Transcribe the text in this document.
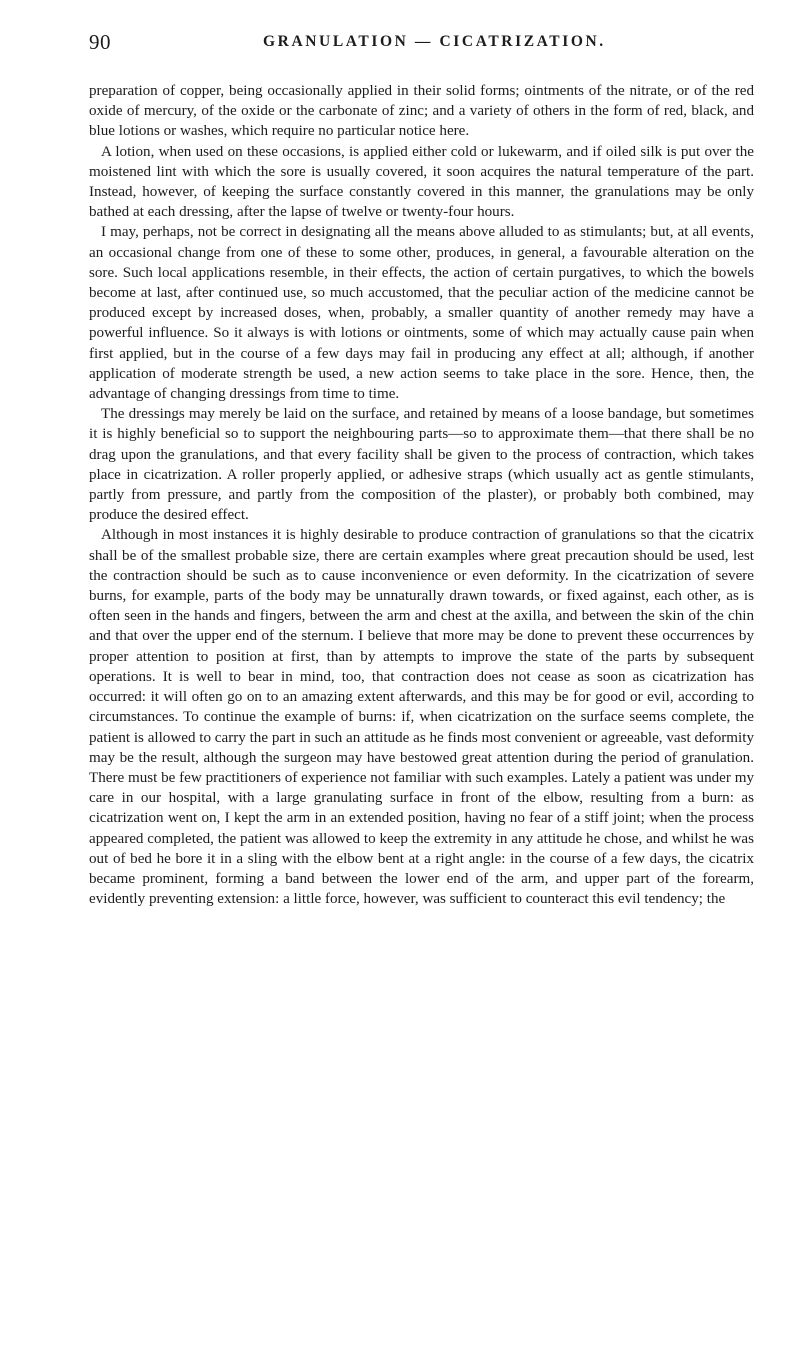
90	GRANULATION — CICATRIZATION.

preparation of copper, being occasionally applied in their solid forms; ointments of the nitrate, or of the red oxide of mercury, of the oxide or the carbonate of zinc; and a variety of others in the form of red, black, and blue lotions or washes, which require no particular notice here.

A lotion, when used on these occasions, is applied either cold or lukewarm, and if oiled silk is put over the moistened lint with which the sore is usually covered, it soon acquires the natural temperature of the part. Instead, however, of keeping the surface constantly covered in this manner, the granulations may be only bathed at each dressing, after the lapse of twelve or twenty-four hours.

I may, perhaps, not be correct in designating all the means above alluded to as stimulants; but, at all events, an occasional change from one of these to some other, produces, in general, a favourable alteration on the sore. Such local applications resemble, in their effects, the action of certain purgatives, to which the bowels become at last, after continued use, so much accustomed, that the peculiar action of the medicine cannot be produced except by increased doses, when, probably, a smaller quantity of another remedy may have a powerful influence. So it always is with lotions or ointments, some of which may actually cause pain when first applied, but in the course of a few days may fail in producing any effect at all; although, if another application of moderate strength be used, a new action seems to take place in the sore. Hence, then, the advantage of changing dressings from time to time.

The dressings may merely be laid on the surface, and retained by means of a loose bandage, but sometimes it is highly beneficial so to support the neighbouring parts—so to approximate them—that there shall be no drag upon the granulations, and that every facility shall be given to the process of contraction, which takes place in cicatrization. A roller properly applied, or adhesive straps (which usually act as gentle stimulants, partly from pressure, and partly from the composition of the plaster), or probably both combined, may produce the desired effect.

Although in most instances it is highly desirable to produce contraction of granulations so that the cicatrix shall be of the smallest probable size, there are certain examples where great precaution should be used, lest the contraction should be such as to cause inconvenience or even deformity. In the cicatrization of severe burns, for example, parts of the body may be unnaturally drawn towards, or fixed against, each other, as is often seen in the hands and fingers, between the arm and chest at the axilla, and between the skin of the chin and that over the upper end of the sternum. I believe that more may be done to prevent these occurrences by proper attention to position at first, than by attempts to improve the state of the parts by subsequent operations. It is well to bear in mind, too, that contraction does not cease as soon as cicatrization has occurred: it will often go on to an amazing extent afterwards, and this may be for good or evil, according to circumstances. To continue the example of burns: if, when cicatrization on the surface seems complete, the patient is allowed to carry the part in such an attitude as he finds most convenient or agreeable, vast deformity may be the result, although the surgeon may have bestowed great attention during the period of granulation. There must be few practitioners of experience not familiar with such examples. Lately a patient was under my care in our hospital, with a large granulating surface in front of the elbow, resulting from a burn: as cicatrization went on, I kept the arm in an extended position, having no fear of a stiff joint; when the process appeared completed, the patient was allowed to keep the extremity in any attitude he chose, and whilst he was out of bed he bore it in a sling with the elbow bent at a right angle: in the course of a few days, the cicatrix became prominent, forming a band between the lower end of the arm, and upper part of the forearm, evidently preventing extension: a little force, however, was sufficient to counteract this evil tendency; the
